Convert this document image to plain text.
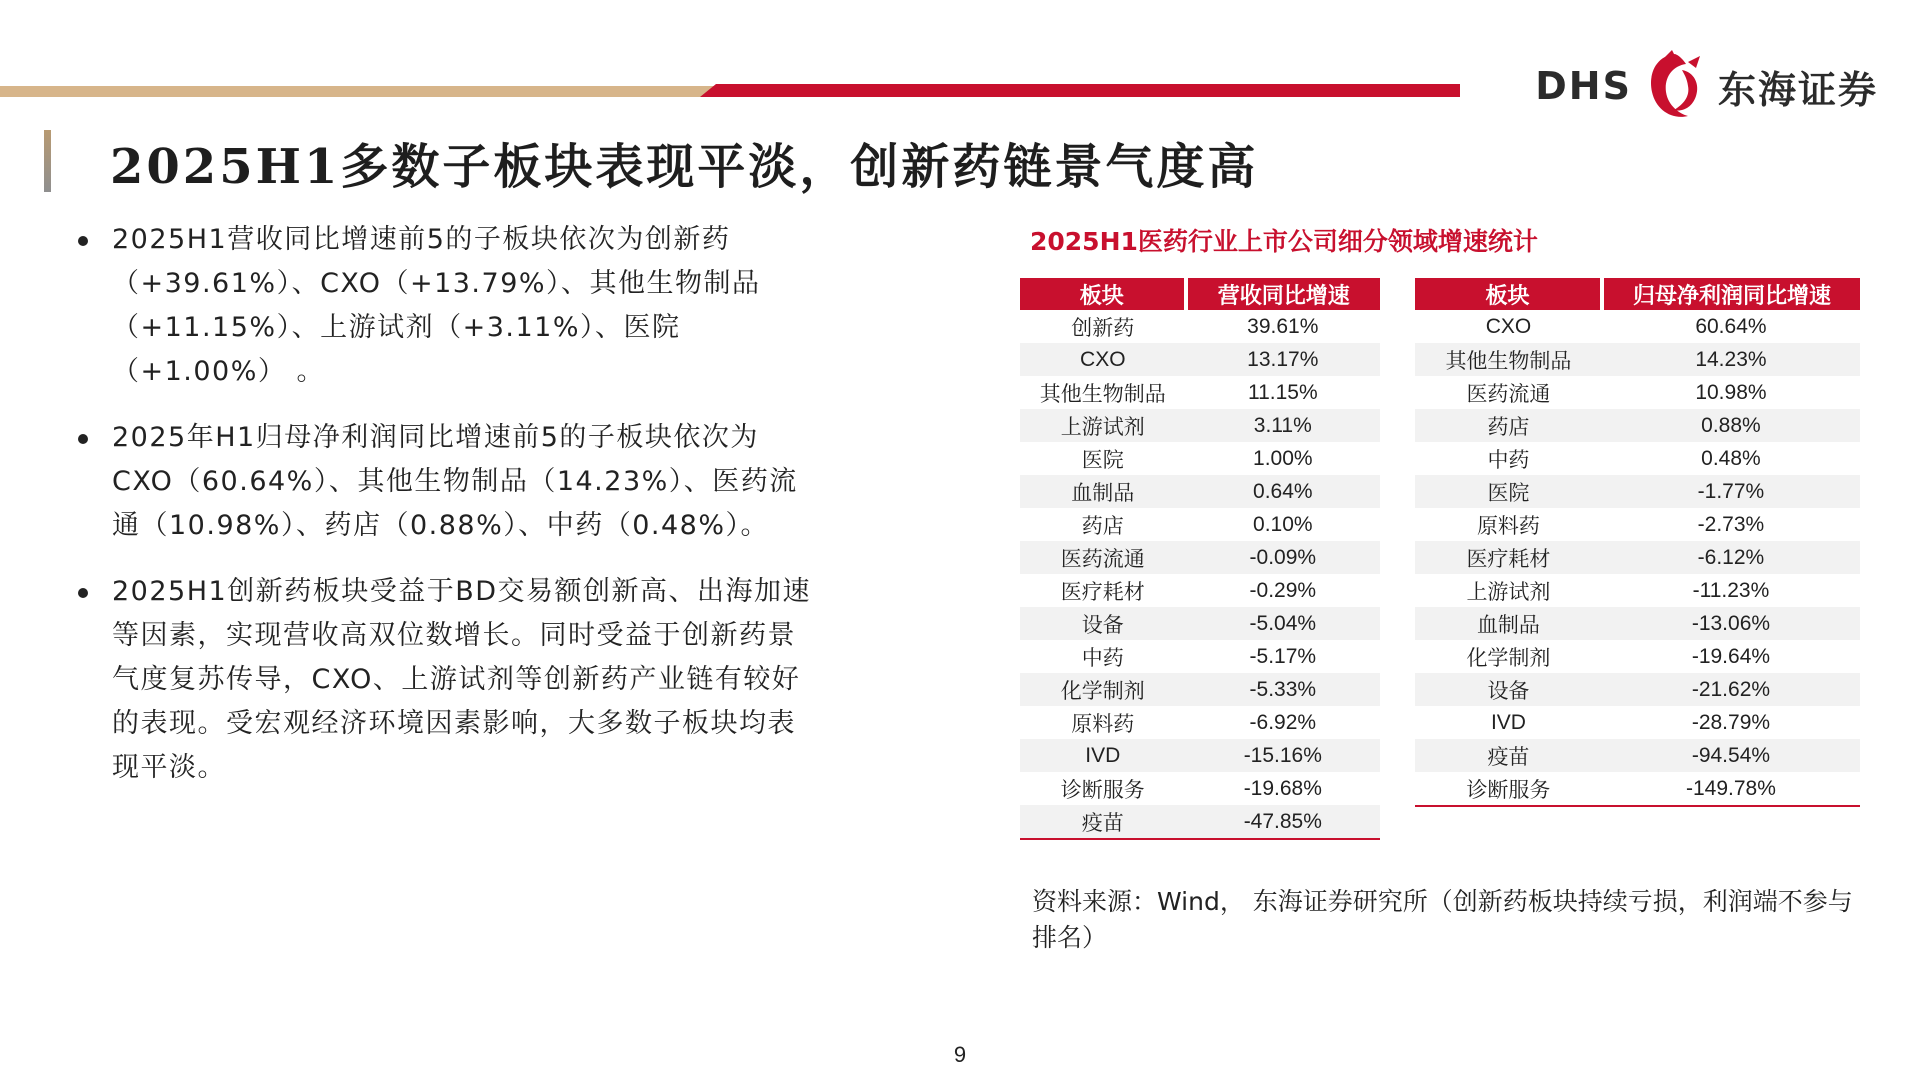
DHS 东海证券
2025H1多数子板块表现平淡，创新药链景气度高
2025H1营收同比增速前5的子板块依次为创新药（+39.61%）、CXO（+13.79%）、其他生物制品（+11.15%）、上游试剂（+3.11%）、医院（+1.00%） 。
2025年H1归母净利润同比增速前5的子板块依次为CXO（60.64%）、其他生物制品（14.23%）、医药流通（10.98%）、药店（0.88%）、中药（0.48%）。
2025H1创新药板块受益于BD交易额创新高、出海加速等因素，实现营收高双位数增长。同时受益于创新药景气度复苏传导，CXO、上游试剂等创新药产业链有较好的表现。受宏观经济环境因素影响，大多数子板块均表现平淡。
2025H1医药行业上市公司细分领域增速统计
板块	营收同比增速
创新药	39.61%
CXO	13.17%
其他生物制品	11.15%
上游试剂	3.11%
医院	1.00%
血制品	0.64%
药店	0.10%
医药流通	-0.09%
医疗耗材	-0.29%
设备	-5.04%
中药	-5.17%
化学制剂	-5.33%
原料药	-6.92%
IVD	-15.16%
诊断服务	-19.68%
疫苗	-47.85%
板块	归母净利润同比增速
CXO	60.64%
其他生物制品	14.23%
医药流通	10.98%
药店	0.88%
中药	0.48%
医院	-1.77%
原料药	-2.73%
医疗耗材	-6.12%
上游试剂	-11.23%
血制品	-13.06%
化学制剂	-19.64%
设备	-21.62%
IVD	-28.79%
疫苗	-94.54%
诊断服务	-149.78%
资料来源：Wind， 东海证券研究所（创新药板块持续亏损，利润端不参与排名）
9
